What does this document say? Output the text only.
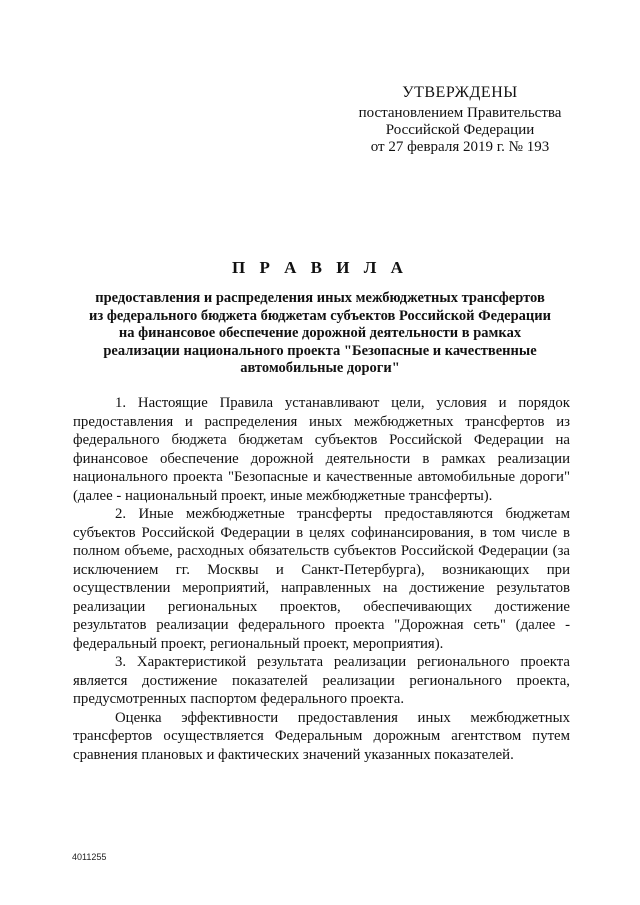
УТВЕРЖДЕНЫ
постановлением Правительства
Российской Федерации
от 27 февраля 2019 г. № 193
П Р А В И Л А
предоставления и распределения иных межбюджетных трансфертов
из федерального бюджета бюджетам субъектов Российской Федерации
на финансовое обеспечение дорожной деятельности в рамках
реализации национального проекта "Безопасные и качественные
автомобильные дороги"

1. Настоящие Правила устанавливают цели, условия и порядок предоставления и распределения иных межбюджетных трансфертов из федерального бюджета бюджетам субъектов Российской Федерации на финансовое обеспечение дорожной деятельности в рамках реализации национального проекта "Безопасные и качественные автомобильные дороги" (далее - национальный проект, иные межбюджетные трансферты).

2. Иные межбюджетные трансферты предоставляются бюджетам субъектов Российской Федерации в целях софинансирования, в том числе в полном объеме, расходных обязательств субъектов Российской Федерации (за исключением гг. Москвы и Санкт-Петербурга), возникающих при осуществлении мероприятий, направленных на достижение результатов реализации региональных проектов, обеспечивающих достижение результатов реализации федерального проекта "Дорожная сеть" (далее - федеральный проект, региональный проект, мероприятия).

3. Характеристикой результата реализации регионального проекта является достижение показателей реализации регионального проекта, предусмотренных паспортом федерального проекта.

Оценка эффективности предоставления иных межбюджетных трансфертов осуществляется Федеральным дорожным агентством путем сравнения плановых и фактических значений указанных показателей.

4011255
